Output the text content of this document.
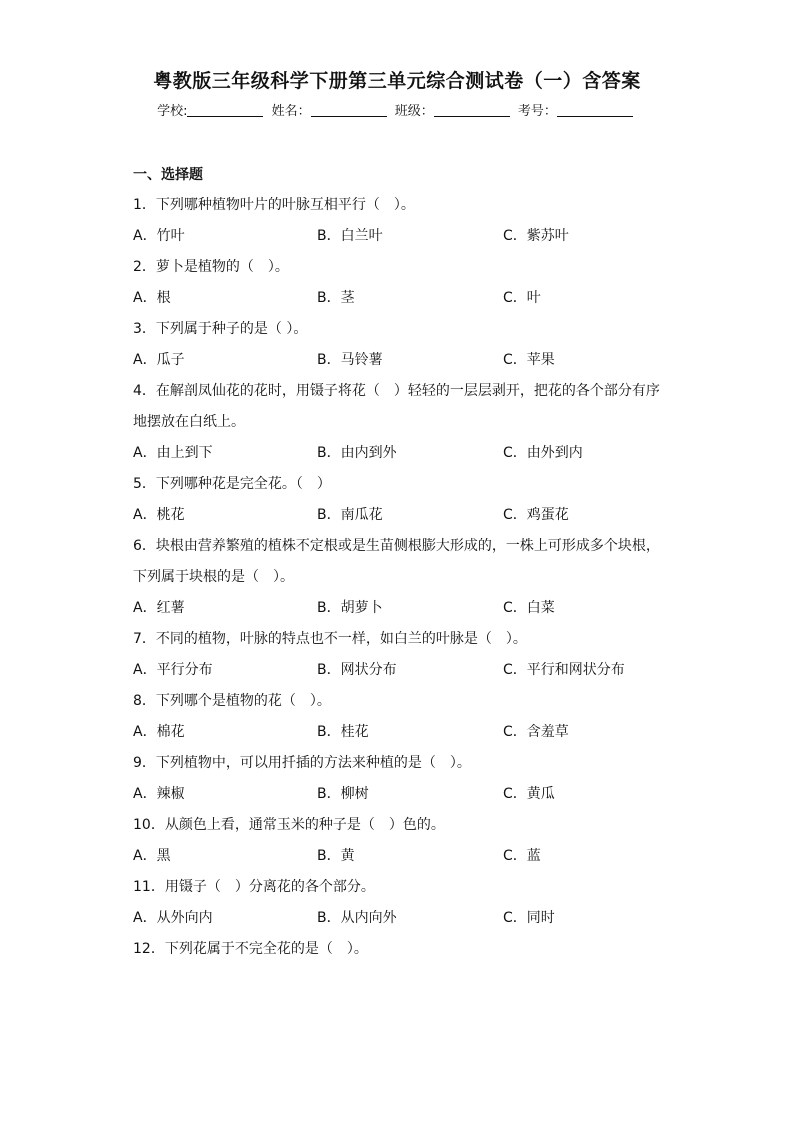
粤教版三年级科学下册第三单元综合测试卷（一）含答案
学校:	姓名：	班级：	考号：
一、选择题
1．下列哪种植物叶片的叶脉互相平行（　）。
A．竹叶	B．白兰叶	C．紫苏叶
2．萝卜是植物的（　）。
A．根	B．茎	C．叶
3．下列属于种子的是（ ）。
A．瓜子	B．马铃薯	C．苹果
4．在解剖凤仙花的花时，用镊子将花（　）轻轻的一层层剥开，把花的各个部分有序地摆放在白纸上。
A．由上到下	B．由内到外	C．由外到内
5．下列哪种花是完全花。（　）
A．桃花	B．南瓜花	C．鸡蛋花
6．块根由营养繁殖的植株不定根或是生苗侧根膨大形成的，一株上可形成多个块根，下列属于块根的是（　）。
A．红薯	B．胡萝卜	C．白菜
7．不同的植物，叶脉的特点也不一样，如白兰的叶脉是（　）。
A．平行分布	B．网状分布	C．平行和网状分布
8．下列哪个是植物的花（　）。
A．棉花	B．桂花	C．含羞草
9．下列植物中，可以用扦插的方法来种植的是（　）。
A．辣椒	B．柳树	C．黄瓜
10．从颜色上看，通常玉米的种子是（　）色的。
A．黑	B．黄	C．蓝
11．用镊子（　）分离花的各个部分。
A．从外向内	B．从内向外	C．同时
12．下列花属于不完全花的是（　）。
